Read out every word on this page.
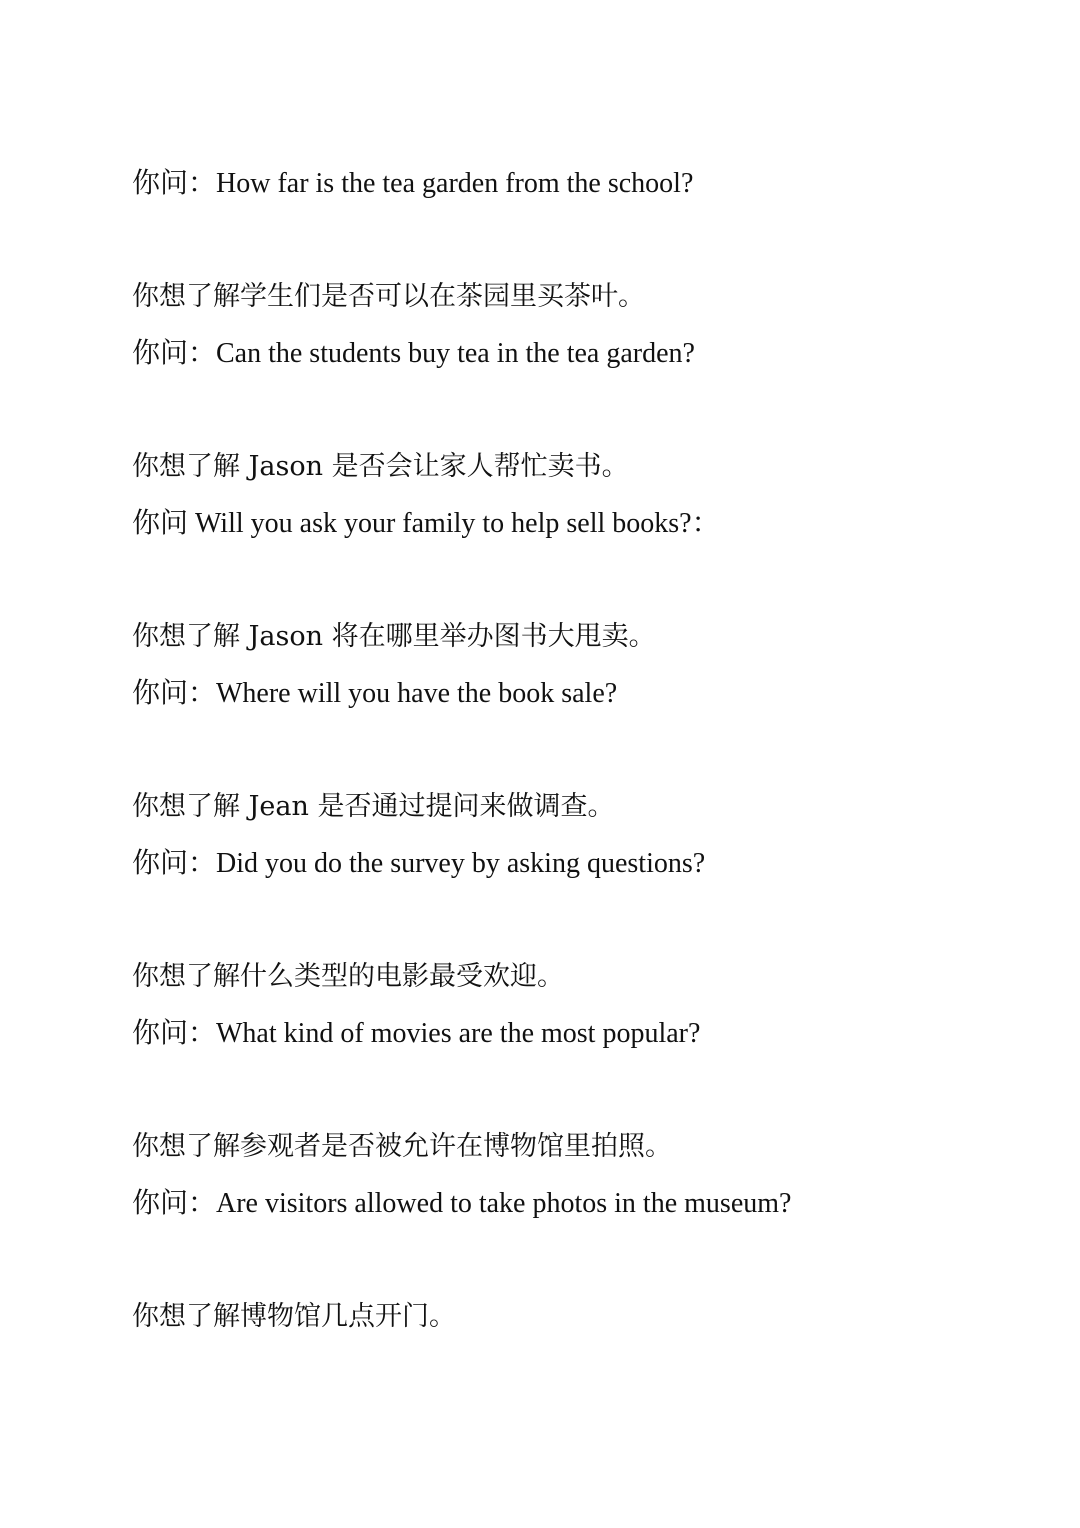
你问：How far is the tea garden from the school?
你想了解学生们是否可以在茶园里买茶叶。
你问：Can the students buy tea in the tea garden?
你想了解 Jason 是否会让家人帮忙卖书。
你问 Will you ask your family to help sell books?：
你想了解 Jason 将在哪里举办图书大甩卖。
你问：Where will you have the book sale?
你想了解 Jean 是否通过提问来做调查。
你问：Did you do the survey by asking questions?
你想了解什么类型的电影最受欢迎。
你问：What kind of movies are the most popular?
你想了解参观者是否被允许在博物馆里拍照。
你问：Are visitors allowed to take photos in the museum?
你想了解博物馆几点开门。
